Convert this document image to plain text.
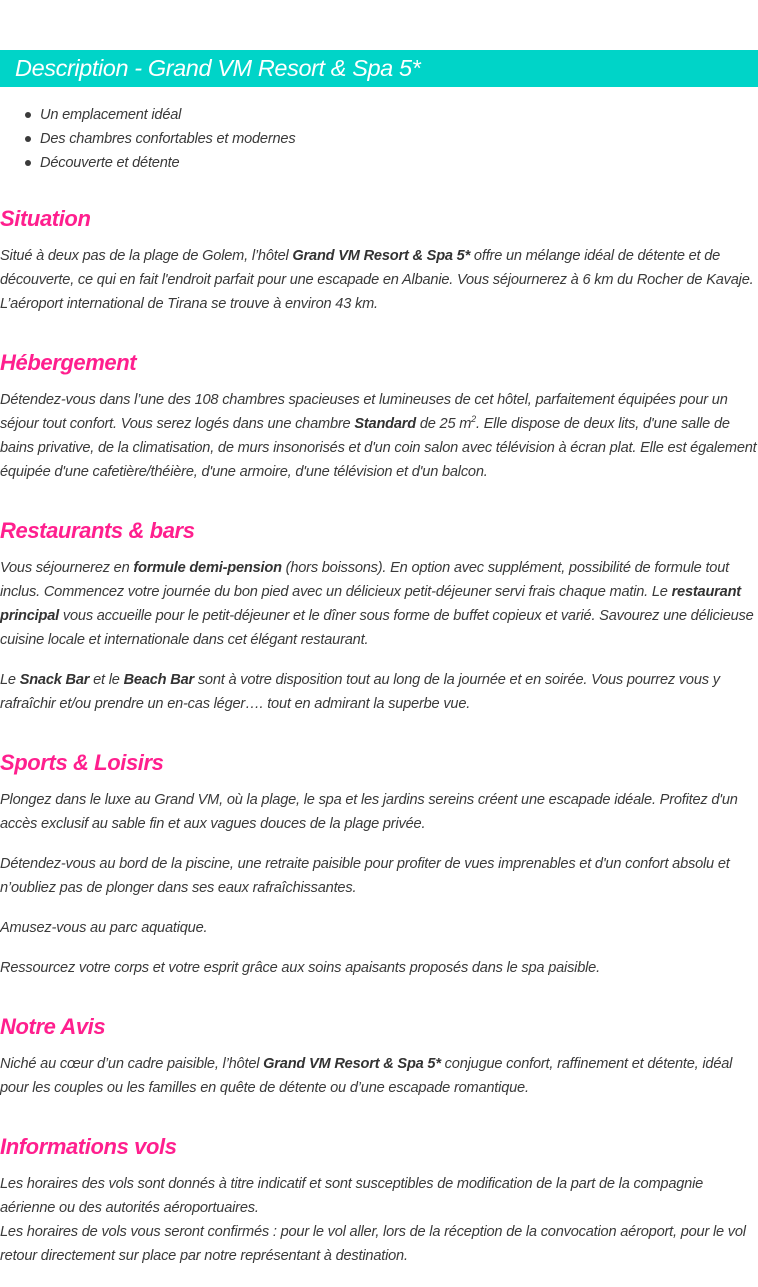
Description - Grand VM Resort & Spa 5*
Un emplacement idéal
Des chambres confortables et modernes
Découverte et détente
Situation

Situé à deux pas de la plage de Golem, l’hôtel Grand VM Resort & Spa 5* offre un mélange idéal de détente et de découverte, ce qui en fait l'endroit parfait pour une escapade en Albanie. Vous séjournerez à 6 km du Rocher de Kavaje. L’aéroport international de Tirana se trouve à environ 43 km.

Hébergement

Détendez-vous dans l’une des 108 chambres spacieuses et lumineuses de cet hôtel, parfaitement équipées pour un séjour tout confort. Vous serez logés dans une chambre Standard de 25 $m^2$. Elle dispose de deux lits, d'une salle de bains privative, de la climatisation, de murs insonorisés et d'un coin salon avec télévision à écran plat. Elle est également équipée d'une cafetière/théière, d'une armoire, d'une télévision et d'un balcon.

Restaurants & bars

Vous séjournerez en formule demi-pension (hors boissons). En option avec supplément, possibilité de formule tout inclus. Commencez votre journée du bon pied avec un délicieux petit-déjeuner servi frais chaque matin. Le restaurant principal vous accueille pour le petit-déjeuner et le dîner sous forme de buffet copieux et varié. Savourez une délicieuse cuisine locale et internationale dans cet élégant restaurant.

Le Snack Bar et le Beach Bar sont à votre disposition tout au long de la journée et en soirée. Vous pourrez vous y rafraîchir et/ou prendre un en-cas léger…. tout en admirant la superbe vue.

Sports & Loisirs

Plongez dans le luxe au Grand VM, où la plage, le spa et les jardins sereins créent une escapade idéale. Profitez d'un accès exclusif au sable fin et aux vagues douces de la plage privée.

Détendez-vous au bord de la piscine, une retraite paisible pour profiter de vues imprenables et d'un confort absolu et n’oubliez pas de plonger dans ses eaux rafraîchissantes.

Amusez-vous au parc aquatique.

Ressourcez votre corps et votre esprit grâce aux soins apaisants proposés dans le spa paisible.

Notre Avis

Niché au cœur d’un cadre paisible, l’hôtel Grand VM Resort & Spa 5* conjugue confort, raffinement et détente, idéal pour les couples ou les familles en quête de détente ou d’une escapade romantique.

Informations vols

Les horaires des vols sont donnés à titre indicatif et sont susceptibles de modification de la part de la compagnie aérienne ou des autorités aéroportuaires.

Les horaires de vols vous seront confirmés : pour le vol aller, lors de la réception de la convocation aéroport, pour le vol retour directement sur place par notre représentant à destination.
